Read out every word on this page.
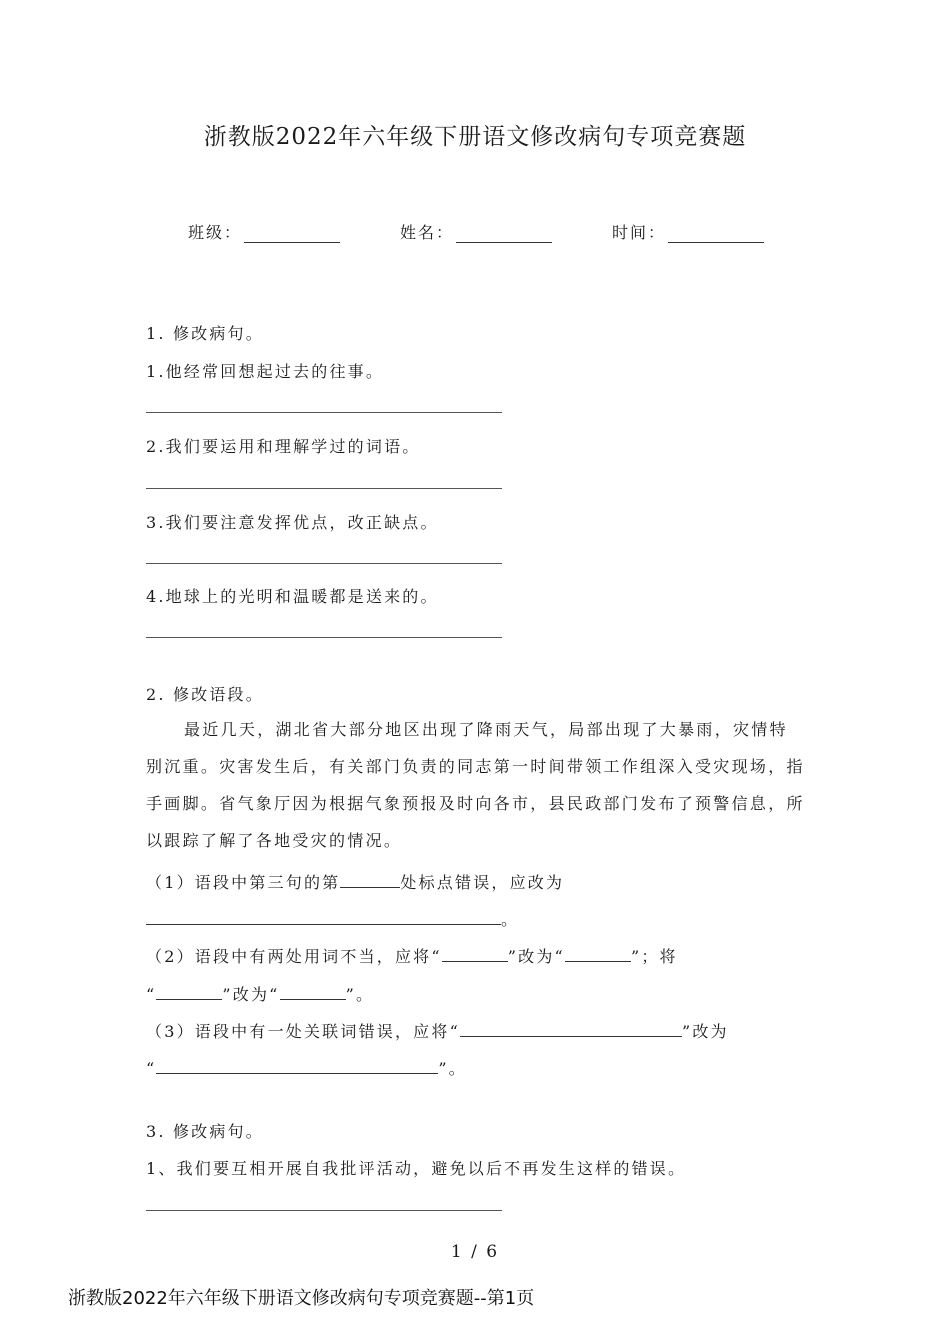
浙教版2022年六年级下册语文修改病句专项竞赛题
班级：	姓名：	时间：
1. 修改病句。
1.他经常回想起过去的往事。
2.我们要运用和理解学过的词语。
3.我们要注意发挥优点，改正缺点。
4.地球上的光明和温暖都是送来的。
2. 修改语段。
最近几天，湖北省大部分地区出现了降雨天气，局部出现了大暴雨，灾情特别沉重。灾害发生后，有关部门负责的同志第一时间带领工作组深入受灾现场，指手画脚。省气象厅因为根据气象预报及时向各市，县民政部门发布了预警信息，所以跟踪了解了各地受灾的情况。
（1）语段中第三句的第	处标点错误，应改为
。
（2）语段中有两处用词不当，应将“	”改为“	”；将
“	”改为“	”。
（3）语段中有一处关联词错误，应将“	”改为
“	”。
3. 修改病句。
1、我们要互相开展自我批评活动，避免以后不再发生这样的错误。
1 / 6
浙教版2022年六年级下册语文修改病句专项竞赛题--第1页
